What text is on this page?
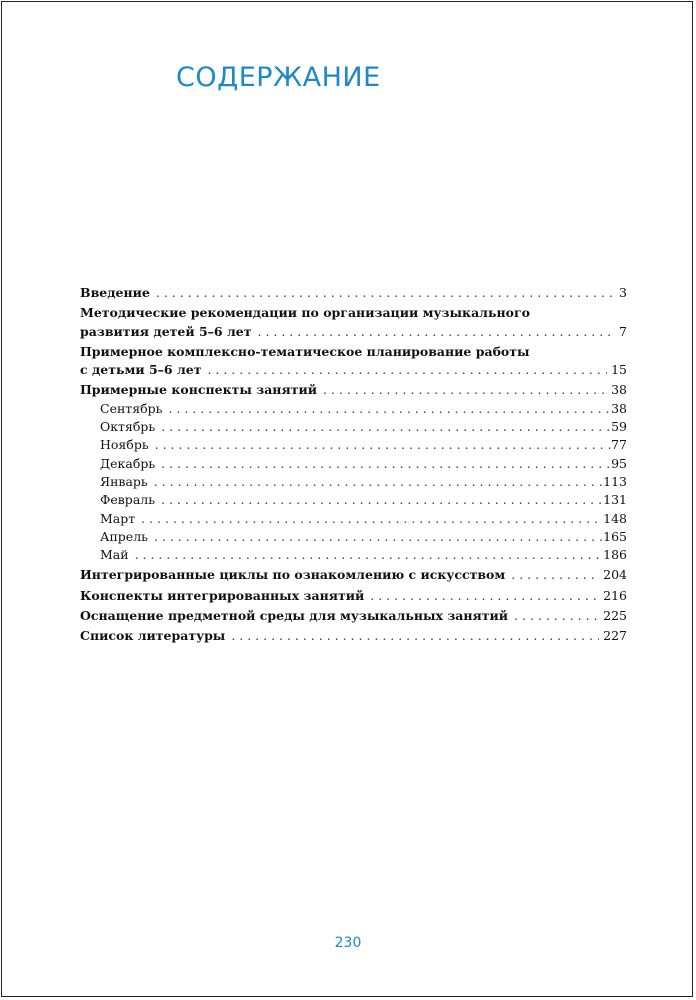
СОДЕРЖАНИЕ
Введение . . .	3
Методические рекомендации по организации музыкального
развития детей 5–6 лет . . .	7
Примерное комплексно-тематическое планирование работы
с детьми 5–6 лет . . .	15
Примерные конспекты занятий . . .	38
Сентябрь . . .	38
Октябрь . . .	59
Ноябрь . . .	77
Декабрь . . .	95
Январь . . .	113
Февраль . . .	131
Март . . .	148
Апрель . . .	165
Май . . .	186
Интегрированные циклы по ознакомлению с искусством . . .	204
Конспекты интегрированных занятий . . .	216
Оснащение предметной среды для музыкальных занятий . . .	225
Список литературы . . .	227
230
